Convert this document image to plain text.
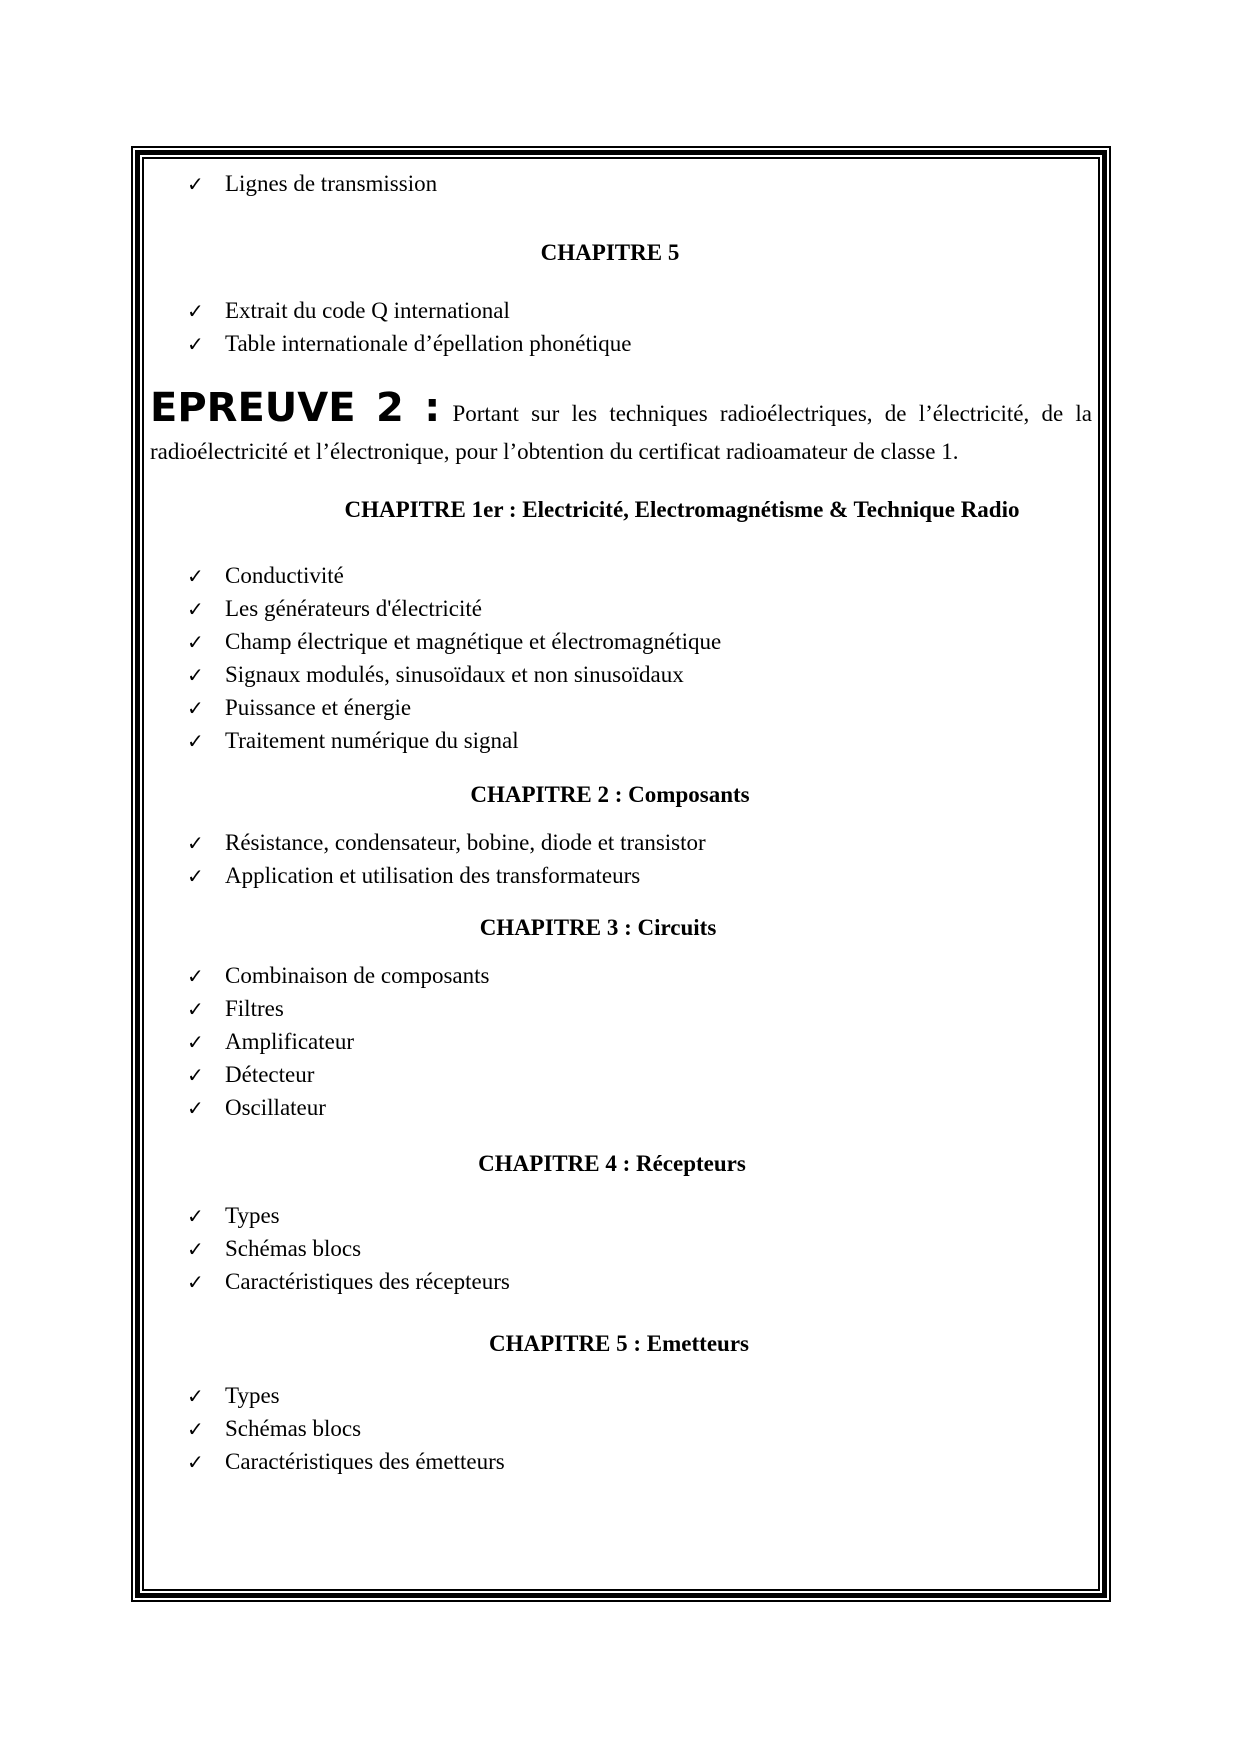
✓ Lignes de transmission
CHAPITRE 5
✓ Extrait du code Q international
✓ Table internationale d’épellation phonétique
EPREUVE 2 : Portant sur les techniques radioélectriques, de l’électricité, de la
radioélectricité et l’électronique, pour l’obtention du certificat radioamateur de classe 1.
CHAPITRE 1er : Electricité, Electromagnétisme & Technique Radio
✓ Conductivité
✓ Les générateurs d'électricité
✓ Champ électrique et magnétique et électromagnétique
✓ Signaux modulés, sinusoïdaux et non sinusoïdaux
✓ Puissance et énergie
✓ Traitement numérique du signal
CHAPITRE 2 : Composants
✓ Résistance, condensateur, bobine, diode et transistor
✓ Application et utilisation des transformateurs
CHAPITRE 3 : Circuits
✓ Combinaison de composants
✓ Filtres
✓ Amplificateur
✓ Détecteur
✓ Oscillateur
CHAPITRE 4 : Récepteurs
✓ Types
✓ Schémas blocs
✓ Caractéristiques des récepteurs
CHAPITRE 5 : Emetteurs
✓ Types
✓ Schémas blocs
✓ Caractéristiques des émetteurs
